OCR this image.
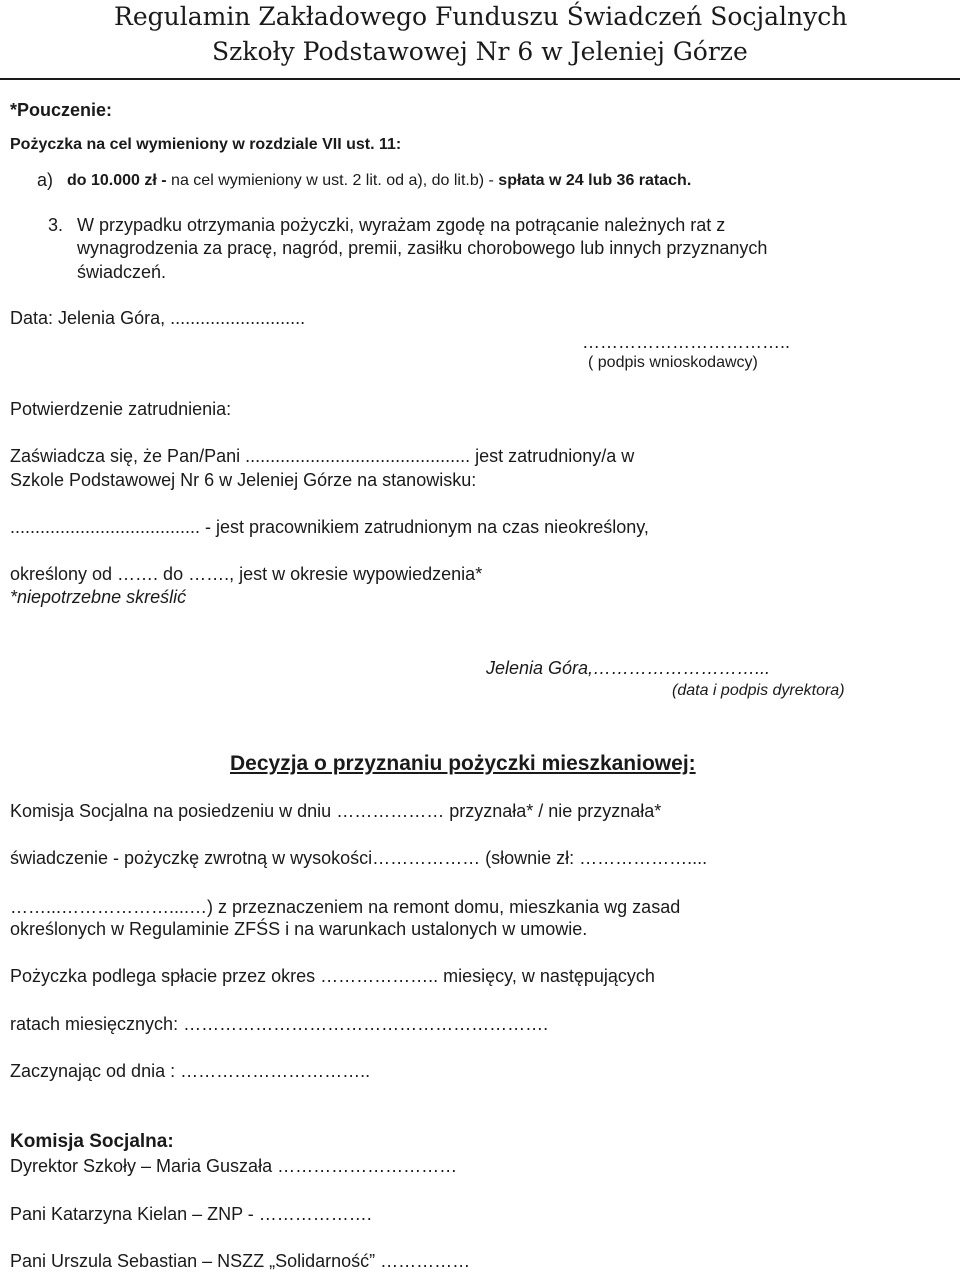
Regulamin Zakładowego Funduszu Świadczeń Socjalnych
Szkoły Podstawowej Nr 6 w Jeleniej Górze
*Pouczenie:
Pożyczka na cel wymieniony w rozdziale VII ust. 11:
a) do 10.000 zł - na cel wymieniony w ust. 2 lit. od a), do lit.b) - spłata w 24 lub 36 ratach.
3. W przypadku otrzymania pożyczki, wyrażam zgodę na potrącanie należnych rat z
wynagrodzenia za pracę, nagród, premii, zasiłku chorobowego lub innych przyznanych
świadczeń.
Data: Jelenia Góra, ...........................
……………………………..
( podpis wnioskodawcy)
Potwierdzenie zatrudnienia:
Zaświadcza się, że Pan/Pani ............................................. jest zatrudniony/a w
Szkole Podstawowej Nr 6 w Jeleniej Górze na stanowisku:
...................................... - jest pracownikiem zatrudnionym na czas nieokreślony,
określony od ……. do ……., jest w okresie wypowiedzenia*
*niepotrzebne skreślić
Jelenia Góra,………………………...
(data i podpis dyrektora)
Decyzja o przyznaniu pożyczki mieszkaniowej:
Komisja Socjalna na posiedzeniu w dniu ……………… przyznała* / nie przyznała*
świadczenie - pożyczkę zwrotną w wysokości……………… (słownie zł: ………………....
……...………………....…) z przeznaczeniem na remont domu, mieszkania wg zasad
określonych w Regulaminie ZFŚS i na warunkach ustalonych w umowie.
Pożyczka podlega spłacie przez okres ……………….. miesięcy, w następujących
ratach miesięcznych: …………………………………………………….
Zaczynając od dnia : …………………………..
Komisja Socjalna:
Dyrektor Szkoły – Maria Guszała …………………………
Pani Katarzyna Kielan – ZNP - ……………….
Pani Urszula Sebastian – NSZZ „Solidarność” ……………
